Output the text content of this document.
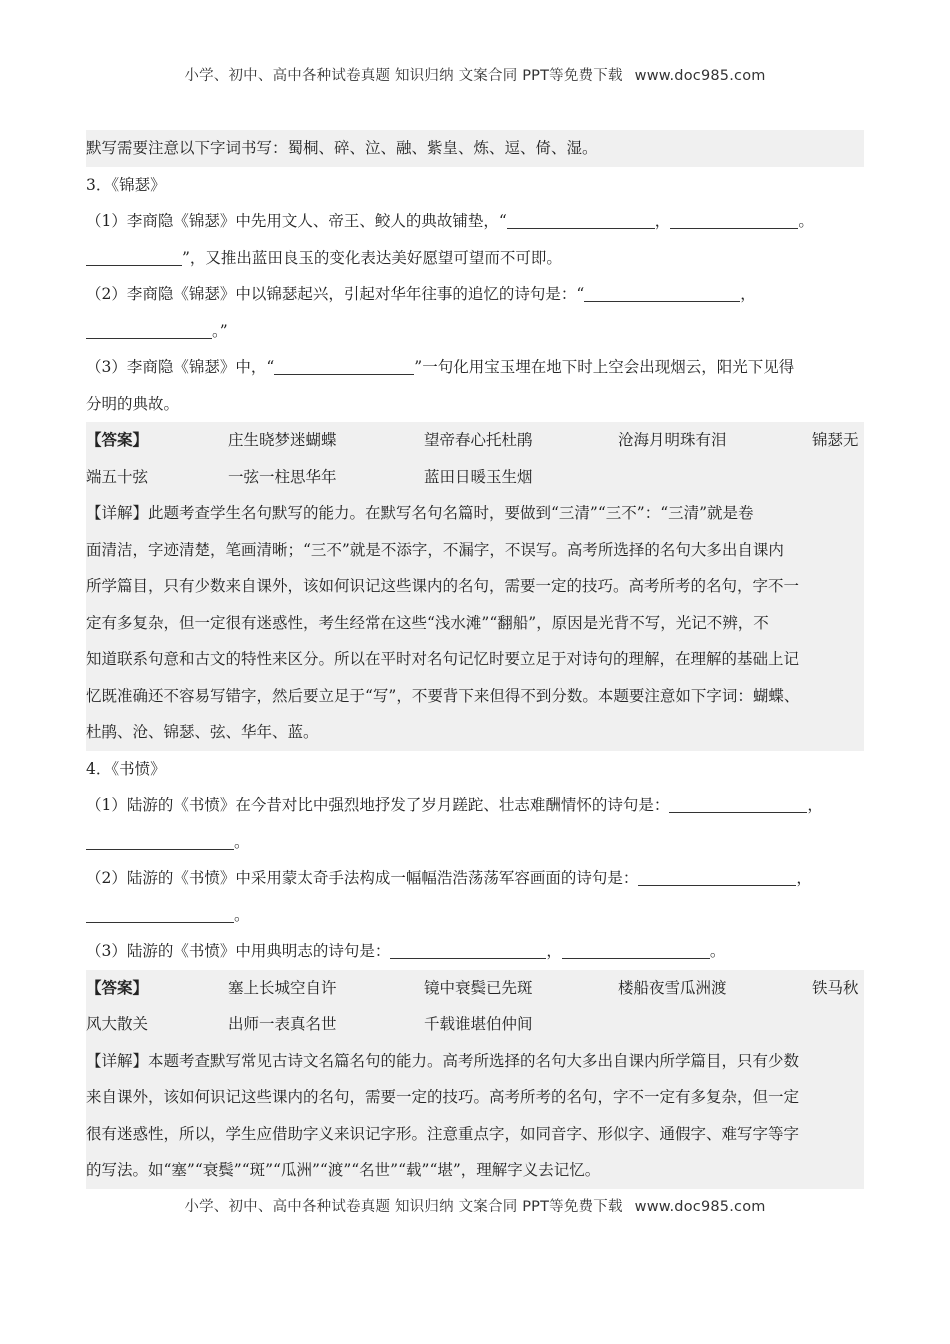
小学、初中、高中各种试卷真题 知识归纳 文案合同 PPT等免费下载 www.doc985.com
默写需要注意以下字词书写：蜀桐、碎、泣、融、紫皇、炼、逗、倚、湿。
3．《锦瑟》
（1）李商隐《锦瑟》中先用文人、帝王、鲛人的典故铺垫，“	，	。
”，又推出蓝田良玉的变化表达美好愿望可望而不可即。
（2）李商隐《锦瑟》中以锦瑟起兴，引起对华年往事的追忆的诗句是：“	，
。”
（3）李商隐《锦瑟》中，“	”一句化用宝玉埋在地下时上空会出现烟云，阳光下见得
分明的典故。
【答案】	庄生晓梦迷蝴蝶	望帝春心托杜鹃	沧海月明珠有泪	锦瑟无
端五十弦	一弦一柱思华年	蓝田日暖玉生烟
【详解】此题考查学生名句默写的能力。在默写名句名篇时，要做到“三清”“三不”：“三清”就是卷
面清洁，字迹清楚，笔画清晰；“三不”就是不添字，不漏字，不误写。高考所选择的名句大多出自课内
所学篇目，只有少数来自课外，该如何识记这些课内的名句，需要一定的技巧。高考所考的名句，字不一
定有多复杂，但一定很有迷惑性，考生经常在这些“浅水滩”“翻船”，原因是光背不写，光记不辨，不
知道联系句意和古文的特性来区分。所以在平时对名句记忆时要立足于对诗句的理解，在理解的基础上记
忆既准确还不容易写错字，然后要立足于“写”，不要背下来但得不到分数。本题要注意如下字词：蝴蝶、
杜鹃、沧、锦瑟、弦、华年、蓝。
4．《书愤》
（1）陆游的《书愤》在今昔对比中强烈地抒发了岁月蹉跎、壮志难酬情怀的诗句是：	，
。
（2）陆游的《书愤》中采用蒙太奇手法构成一幅幅浩浩荡荡军容画面的诗句是：	，
。
（3）陆游的《书愤》中用典明志的诗句是：	，	。
【答案】	塞上长城空自许	镜中衰鬓已先斑	楼船夜雪瓜洲渡	铁马秋
风大散关	出师一表真名世	千载谁堪伯仲间
【详解】本题考查默写常见古诗文名篇名句的能力。高考所选择的名句大多出自课内所学篇目，只有少数
来自课外，该如何识记这些课内的名句，需要一定的技巧。高考所考的名句，字不一定有多复杂，但一定
很有迷惑性，所以，学生应借助字义来识记字形。注意重点字，如同音字、形似字、通假字、难写字等字
的写法。如“塞”“衰鬓”“斑”“瓜洲”“渡”“名世”“载”“堪”，理解字义去记忆。
小学、初中、高中各种试卷真题 知识归纳 文案合同 PPT等免费下载 www.doc985.com
